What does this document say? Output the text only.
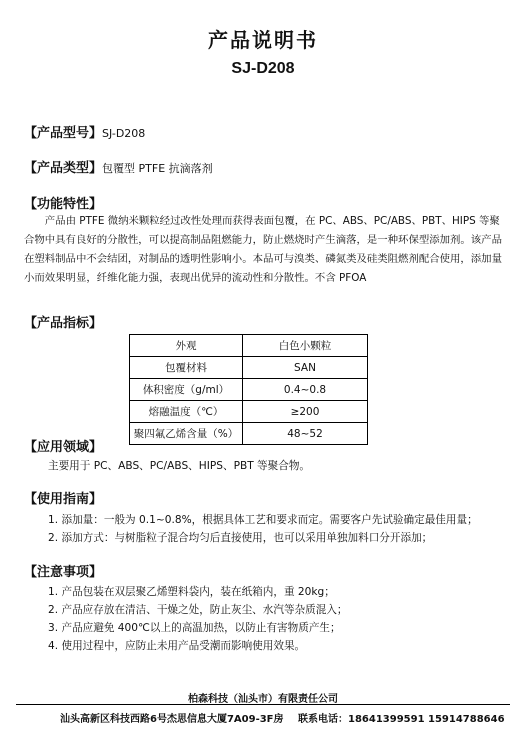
产品说明书
SJ-D208
【产品型号】SJ-D208
【产品类型】包覆型 PTFE 抗滴落剂
【功能特性】
产品由 PTFE 微纳米颗粒经过改性处理而获得表面包覆，在 PC、ABS、PC/ABS、PBT、HIPS 等聚合物中具有良好的分散性，可以提高制品阻燃能力，防止燃烧时产生滴落，是一种环保型添加剂。该产品在塑料制品中不会结团，对制品的透明性影响小。本品可与溴类、磷氮类及硅类阻燃剂配合使用，添加量小而效果明显，纤维化能力强，表现出优异的流动性和分散性。不含 PFOA
【产品指标】
外观	白色小颗粒
包覆材料	SAN
体积密度（g/ml）	0.4~0.8
熔融温度（℃）	≥200
聚四氟乙烯含量（%）	48~52
【应用领域】
主要用于 PC、ABS、PC/ABS、HIPS、PBT 等聚合物。
【使用指南】
1. 添加量：一般为 0.1~0.8%，根据具体工艺和要求而定。需要客户先试验确定最佳用量；
2. 添加方式：与树脂粒子混合均匀后直接使用，也可以采用单独加料口分开添加；
【注意事项】
1. 产品包装在双层聚乙烯塑料袋内，装在纸箱内，重 20kg；
2. 产品应存放在清洁、干燥之处，防止灰尘、水汽等杂质混入；
3. 产品应避免 400℃以上的高温加热，以防止有害物质产生；
4. 使用过程中，应防止未用产品受潮而影响使用效果。
柏森科技（汕头市）有限责任公司
汕头高新区科技西路6号杰思信息大厦7A09-3F房 联系电话：18641399591 15914788646
